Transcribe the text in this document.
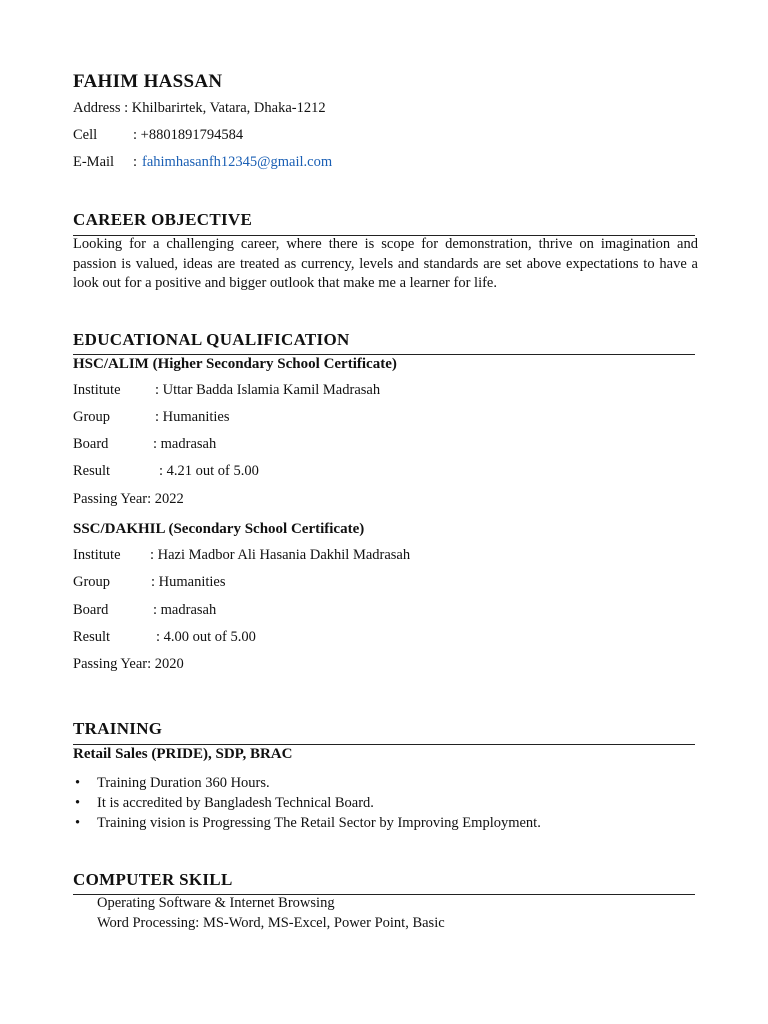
FAHIM HASSAN
Address : Khilbarirtek, Vatara, Dhaka-1212
Cell : +8801891794584
E-Mail : fahimhasanfh12345@gmail.com
CAREER OBJECTIVE
Looking for a challenging career, where there is scope for demonstration, thrive on imagination and passion is valued, ideas are treated as currency, levels and standards are set above expectations to have a look out for a positive and bigger outlook that make me a learner for life.
EDUCATIONAL QUALIFICATION
HSC/ALIM (Higher Secondary School Certificate)
Institute : Uttar Badda Islamia Kamil Madrasah
Group	: Humanities
Board	: madrasah
Result	: 4.21 out of 5.00
Passing Year: 2022
SSC/DAKHIL (Secondary School Certificate)
Institute : Hazi Madbor Ali Hasania Dakhil Madrasah
Group	: Humanities
Board	: madrasah
Result	: 4.00 out of 5.00
Passing Year: 2020
TRAINING
Retail Sales (PRIDE), SDP, BRAC
• Training Duration 360 Hours.
• It is accredited by Bangladesh Technical Board.
• Training vision is Progressing The Retail Sector by Improving Employment.
COMPUTER SKILL
Operating Software & Internet Browsing
Word Processing: MS-Word, MS-Excel, Power Point, Basic
